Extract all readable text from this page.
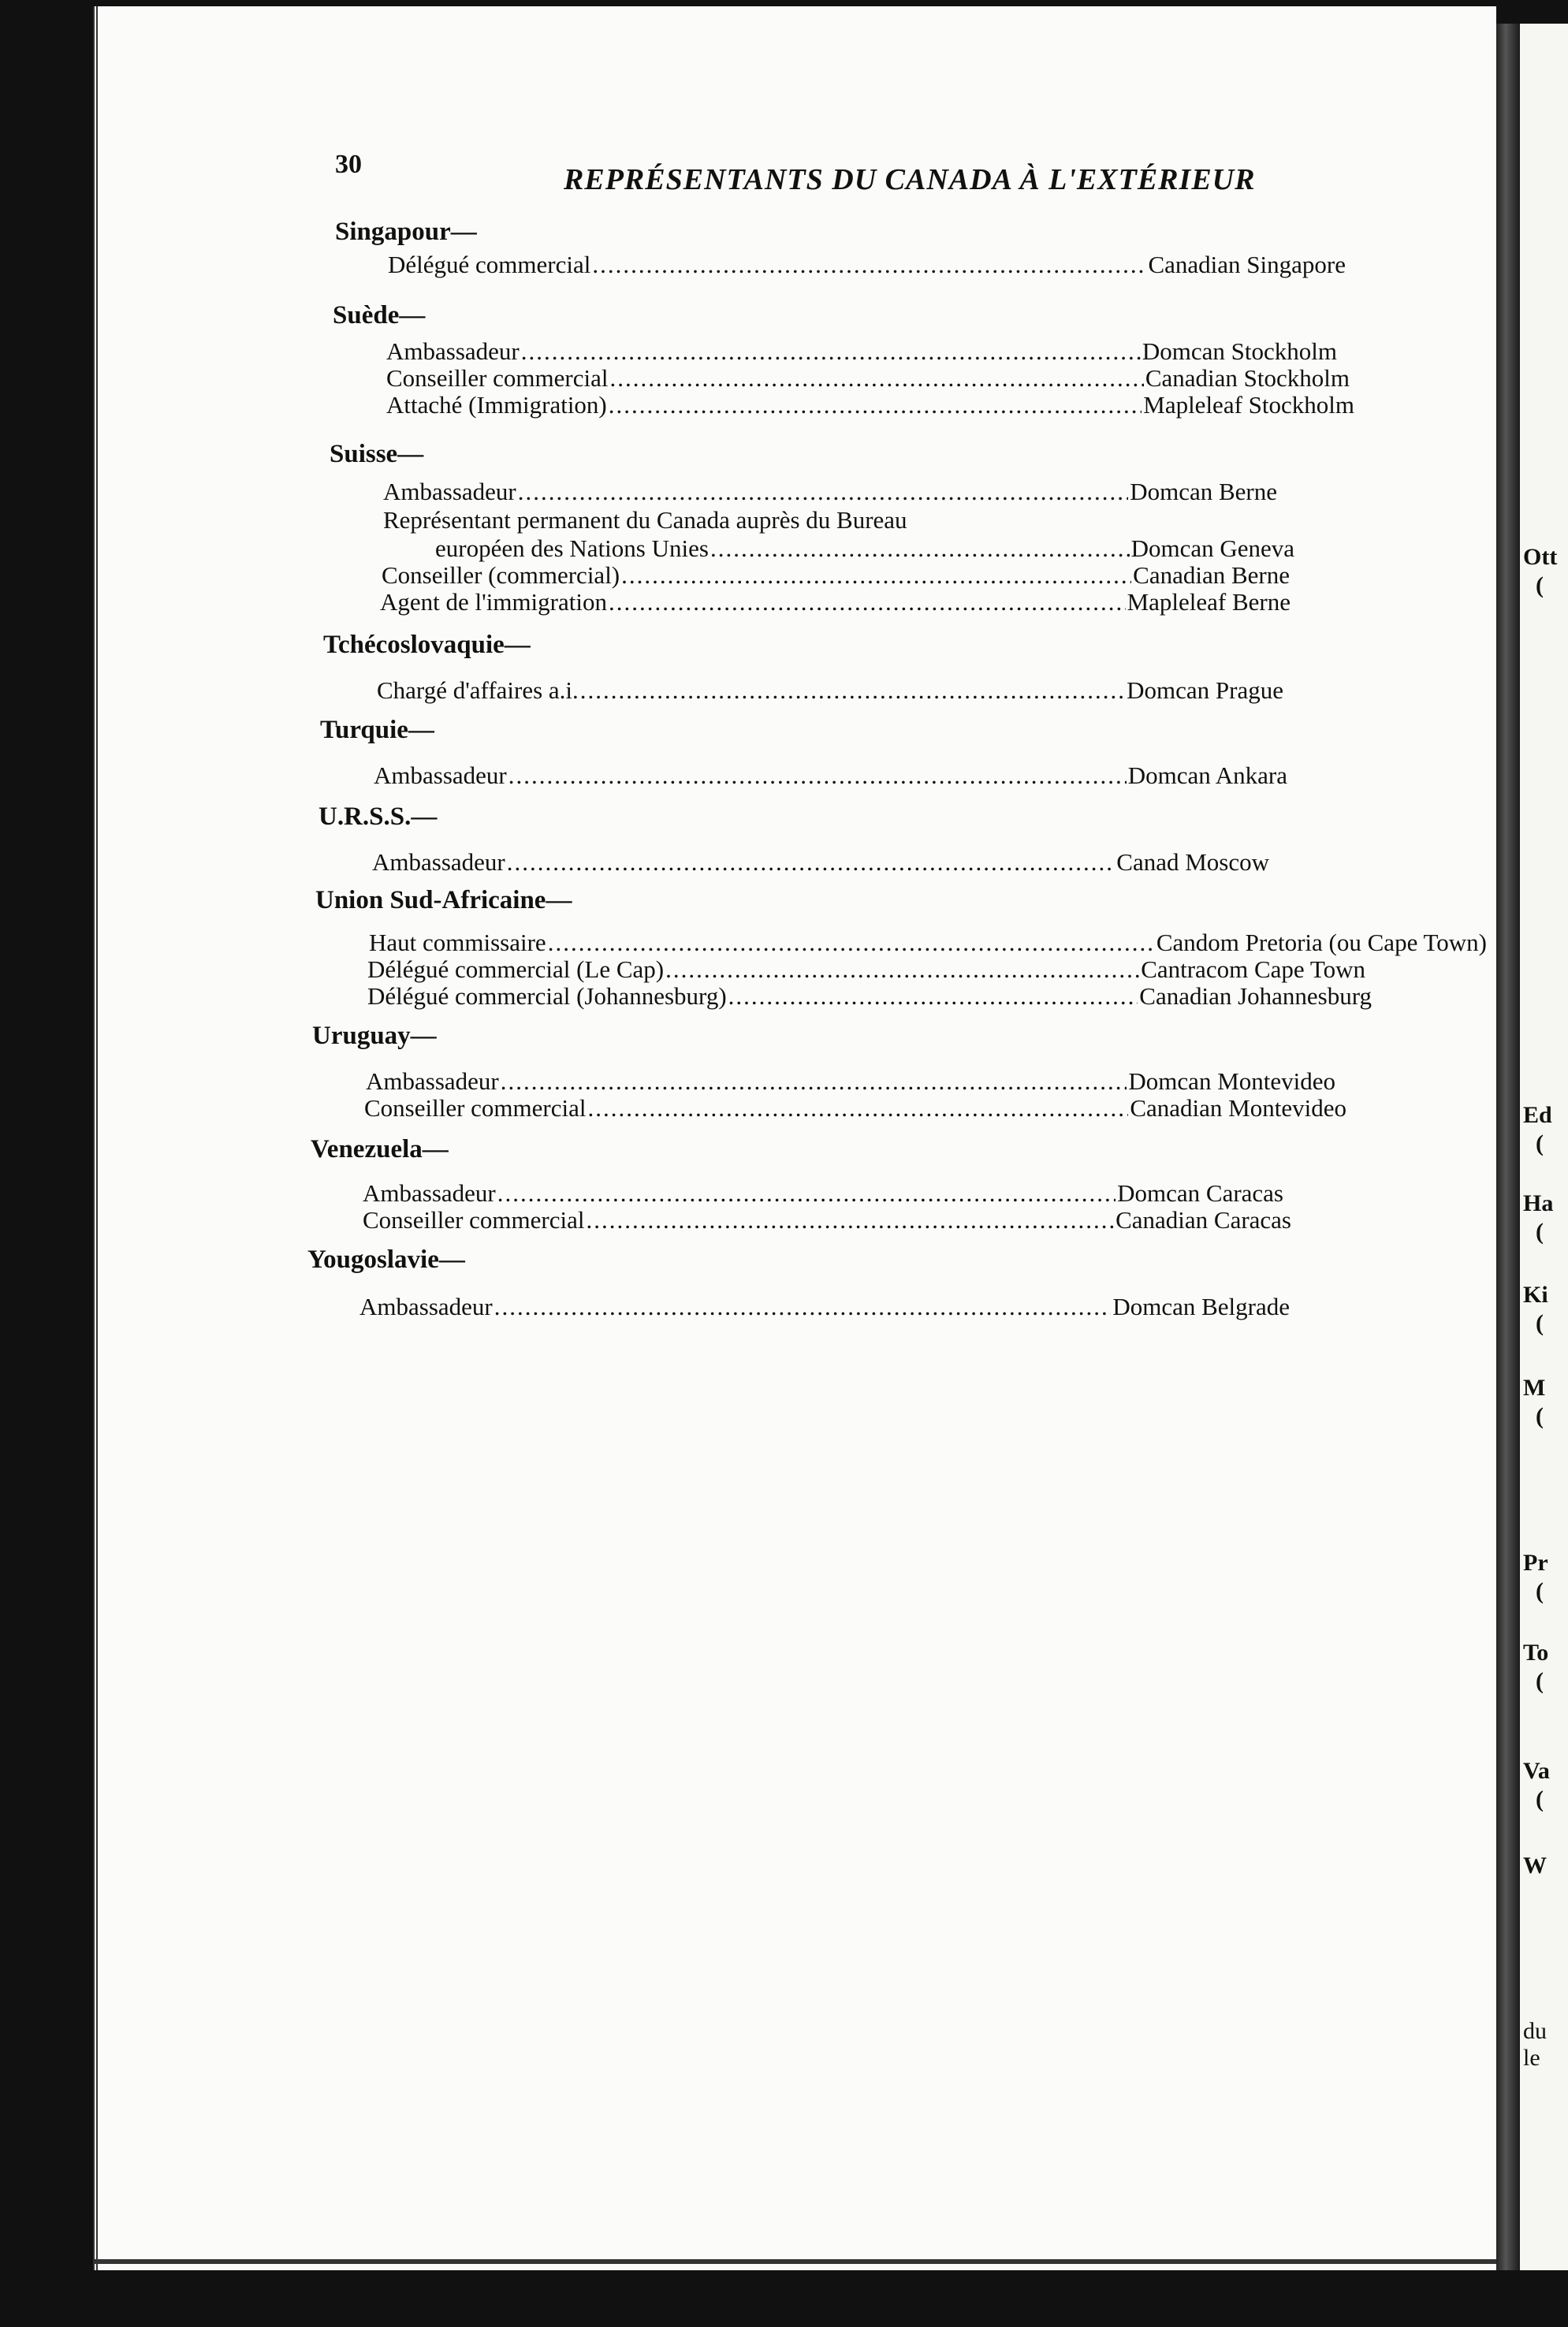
Ott
(
Ed
(
Ha
(
Ki
(
M
(
Pr
(
To
(
Va
(
W
du
le
30	REPRÉSENTANTS DU CANADA À L'EXTÉRIEUR
Singapour—
Délégué commercial .....	Canadian Singapore
Suède—
Ambassadeur .....	Domcan Stockholm
Conseiller commercial .....	Canadian Stockholm
Attaché (Immigration) .....	Mapleleaf Stockholm
Suisse—
Ambassadeur .....	Domcan Berne
Représentant permanent du Canada auprès du Bureau
européen des Nations Unies .....	Domcan Geneva
Conseiller (commercial) .....	Canadian Berne
Agent de l'immigration .....	Mapleleaf Berne
Tchécoslovaquie—
Chargé d'affaires a.i. .....	Domcan Prague
Turquie—
Ambassadeur .....	Domcan Ankara
U.R.S.S.—
Ambassadeur .....	Canad Moscow
Union Sud-Africaine—
Haut commissaire .....	Candom Pretoria (ou Cape Town)
Délégué commercial (Le Cap) .....	Cantracom Cape Town
Délégué commercial (Johannesburg) .....	Canadian Johannesburg
Uruguay—
Ambassadeur .....	Domcan Montevideo
Conseiller commercial .....	Canadian Montevideo
Venezuela—
Ambassadeur .....	Domcan Caracas
Conseiller commercial .....	Canadian Caracas
Yougoslavie—
Ambassadeur .....	Domcan Belgrade
